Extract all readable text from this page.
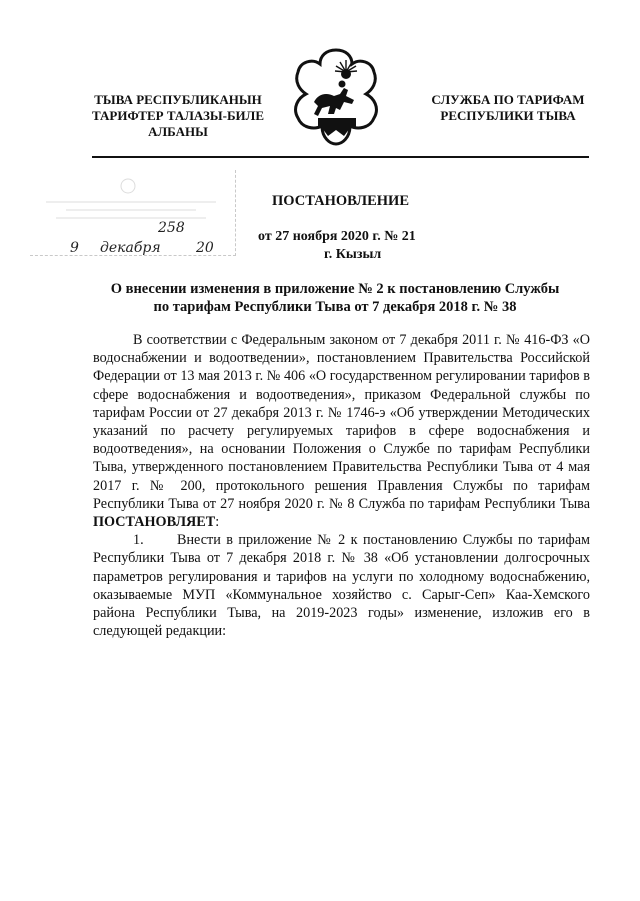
ТЫВА РЕСПУБЛИКАНЫН
ТАРИФТЕР ТАЛАЗЫ-БИЛЕ
АЛБАНЫ
СЛУЖБА ПО ТАРИФАМ
РЕСПУБЛИКИ ТЫВА
258
9 декабря	20
ПОСТАНОВЛЕНИЕ
от 27 ноября 2020 г. № 21
г. Кызыл
О внесении изменения в приложение № 2 к постановлению Службы
по тарифам Республики Тыва от 7 декабря 2018 г. № 38

В соответствии с Федеральным законом от 7 декабря 2011 г. № 416-ФЗ «О водоснабжении и водоотведении», постановлением Правительства Российской Федерации от 13 мая 2013 г. № 406 «О государственном регулировании тарифов в сфере водоснабжения и водоотведения», приказом Федеральной службы по тарифам России от 27 декабря 2013 г. № 1746-э «Об утверждении Методических указаний по расчету регулируемых тарифов в сфере водоснабжения и водоотведения», на основании Положения о Службе по тарифам Республики Тыва, утвержденного постановлением Правительства Республики Тыва от 4 мая 2017 г. № 200, протокольного решения Правления Службы по тарифам Республики Тыва от 27 ноября 2020 г. № 8 Служба по тарифам Республики Тыва ПОСТАНОВЛЯЕТ:

1. Внести в приложение № 2 к постановлению Службы по тарифам Республики Тыва от 7 декабря 2018 г. № 38 «Об установлении долгосрочных параметров регулирования и тарифов на услуги по холодному водоснабжению, оказываемые МУП «Коммунальное хозяйство с. Сарыг-Сеп» Каа-Хемского района Республики Тыва, на 2019-2023 годы» изменение, изложив его в следующей редакции:
